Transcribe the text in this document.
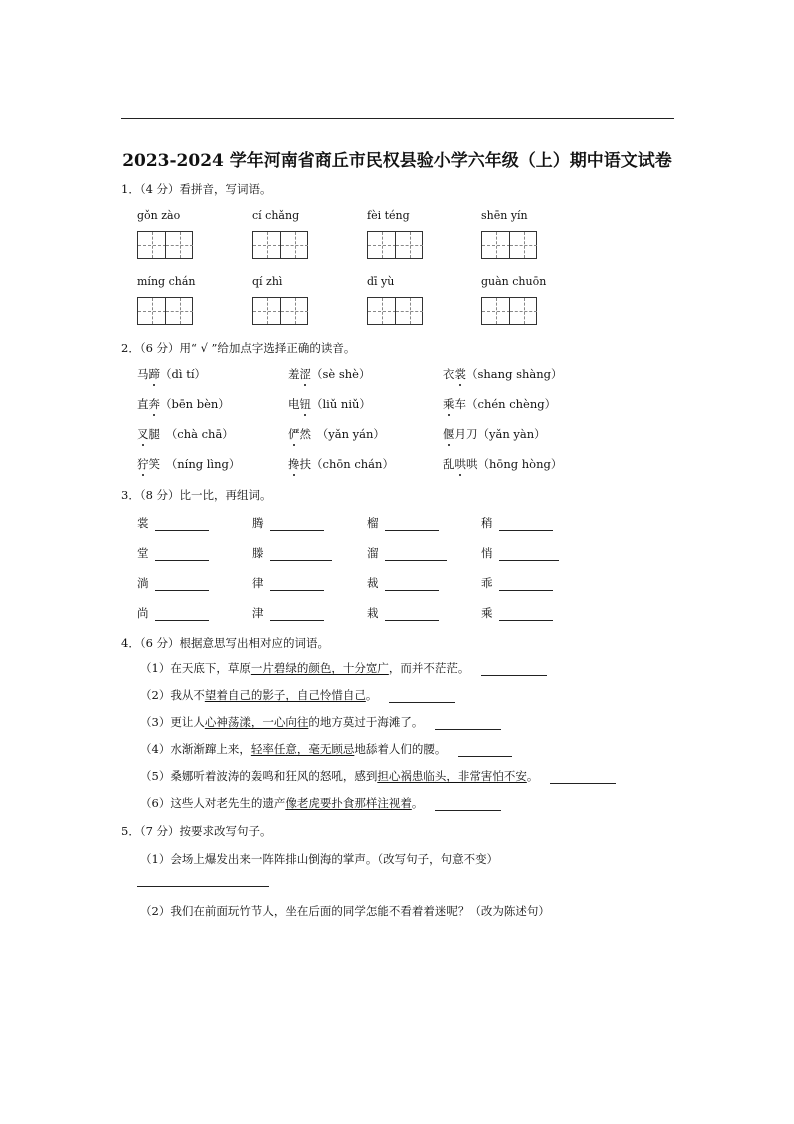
2023-2024 学年河南省商丘市民权县验小学六年级（上）期中语文试卷
1．（4 分）看拼音，写词语。
gǒn zào	cí chǎng	fèi téng	shēn yín
míng chán	qí zhì	dī yù	guàn chuōn
2．（6 分）用“ √ ”给加点字选择正确的读音。
马蹄（dì tí）	羞涩（sè shè）	衣裳（shang shàng）
直奔（bēn bèn）	电钮（liǔ niǔ）	乘车（chén chèng）
叉腿　（chà chā）	俨然　（yǎn yán）	偃月刀（yǎn yàn）
狞笑　（níng lìng）	搀扶（chōn chán）	乱哄哄（hōng hòng）
3．（8 分）比一比，再组词。
裳	腾	榴	稍
堂	滕	溜	悄
淌	律	裁	乖
尚	津	栽	乘
4．（6 分）根据意思写出相对应的词语。
（1）在天底下，草原一片碧绿的颜色，十分宽广，而并不茫茫。
（2）我从不望着自己的影子，自己怜惜自己。
（3）更让人心神荡漾，一心向往的地方莫过于海滩了。
（4）水渐渐蹿上来，轻率任意，毫无顾忌地舔着人们的腰。
（5）桑娜听着波涛的轰鸣和狂风的怒吼，感到担心祸患临头，非常害怕不安。
（6）这些人对老先生的遗产像老虎要扑食那样注视着。
5．（7 分）按要求改写句子。
（1）会场上爆发出来一阵阵排山倒海的掌声。（改写句子，句意不变）
（2）我们在前面玩竹节人，坐在后面的同学怎能不看着着迷呢？（改为陈述句）
